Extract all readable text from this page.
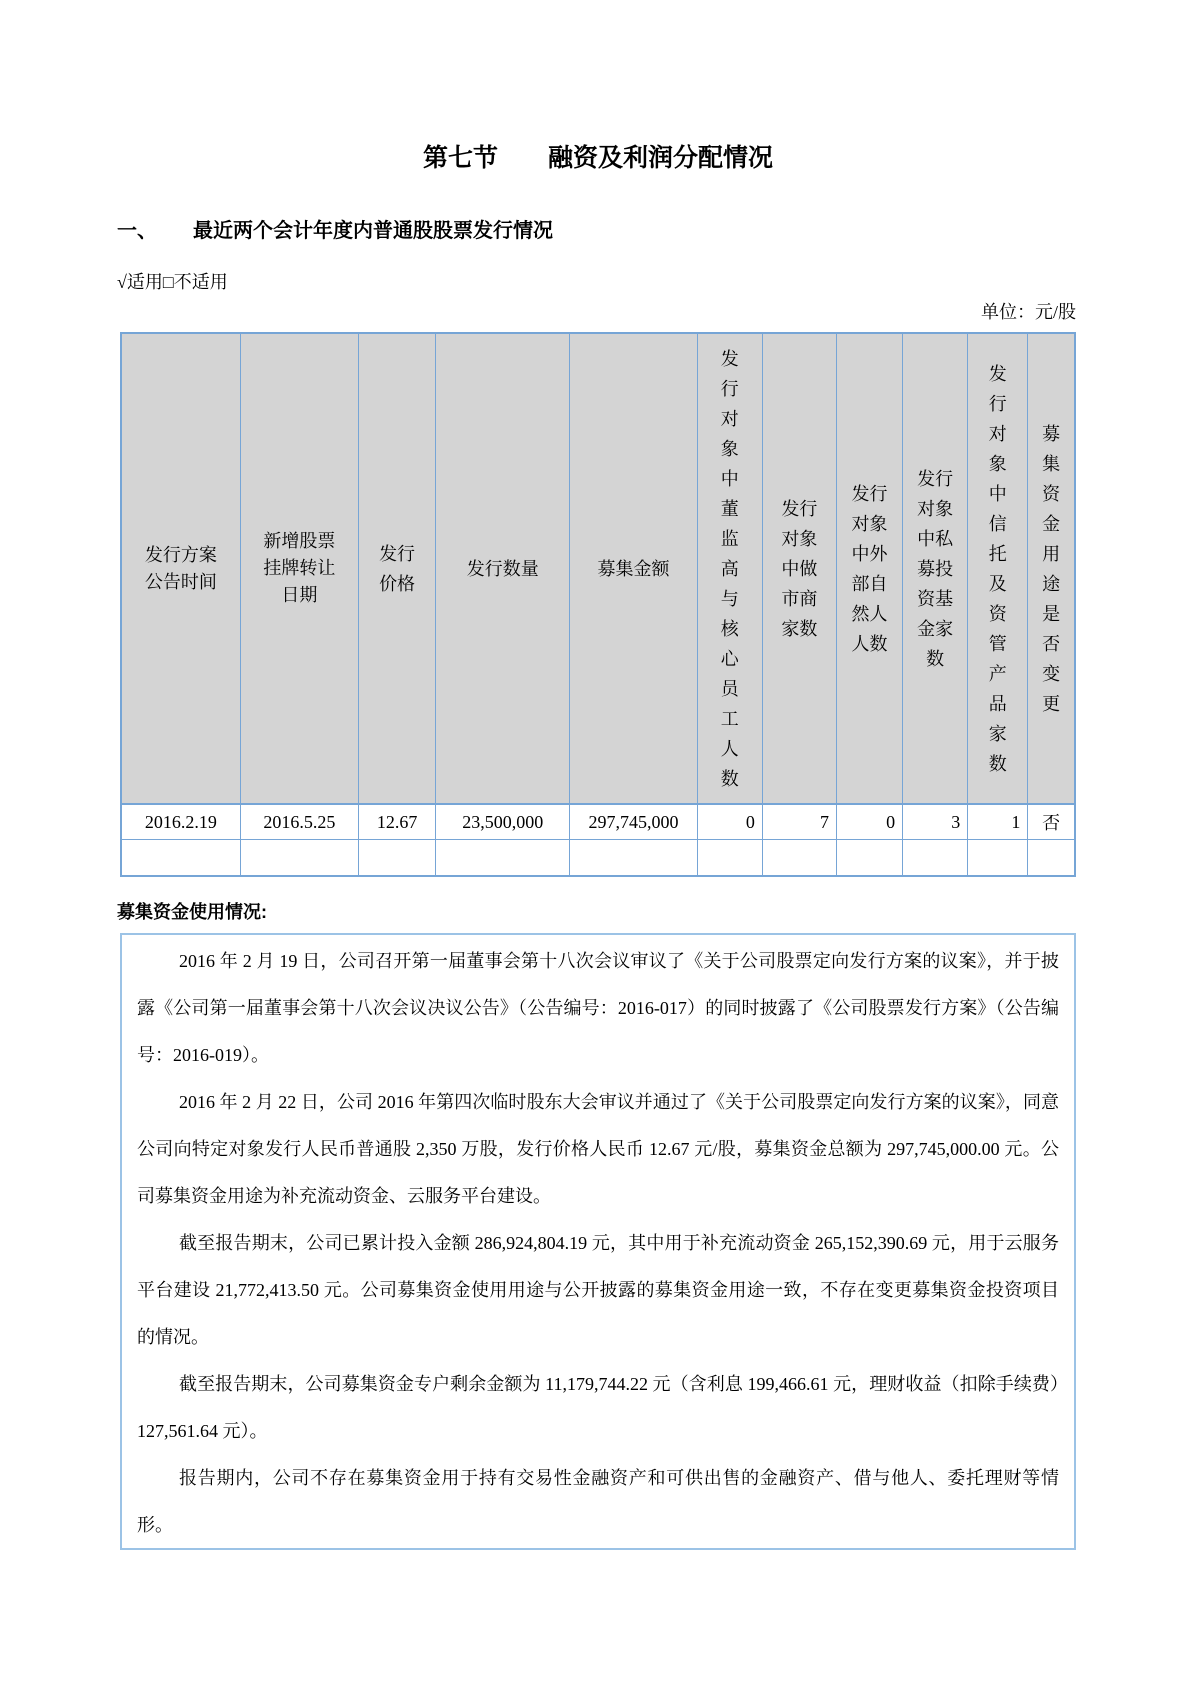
第七节　　融资及利润分配情况
一、 最近两个会计年度内普通股股票发行情况
√适用□不适用
单位：元/股
发行方案公告时间	新增股票挂牌转让日期	发行价格	发行数量	募集金额	发行对象中董监高与核心员工人数	发行对象中做市商家数	发行对象中外部自然人人数	发行对象中私募投资基金家数	发行对象中信托及资管产品家数	募集资金用途是否变更
2016.2.19	2016.5.25	12.67	23,500,000	297,745,000	0	7	0	3	1	否

募集资金使用情况:

2016 年 2 月 19 日，公司召开第一届董事会第十八次会议审议了《关于公司股票定向发行方案的议案》，并于披露《公司第一届董事会第十八次会议决议公告》（公告编号：2016-017）的同时披露了《公司股票发行方案》（公告编号：2016-019）。

2016 年 2 月 22 日，公司 2016 年第四次临时股东大会审议并通过了《关于公司股票定向发行方案的议案》，同意公司向特定对象发行人民币普通股 2,350 万股，发行价格人民币 12.67 元/股，募集资金总额为 297,745,000.00 元。公司募集资金用途为补充流动资金、云服务平台建设。

截至报告期末，公司已累计投入金额 286,924,804.19 元，其中用于补充流动资金 265,152,390.69 元，用于云服务平台建设 21,772,413.50 元。公司募集资金使用用途与公开披露的募集资金用途一致，不存在变更募集资金投资项目的情况。

截至报告期末，公司募集资金专户剩余金额为 11,179,744.22 元（含利息 199,466.61 元，理财收益（扣除手续费）127,561.64 元）。

报告期内，公司不存在募集资金用于持有交易性金融资产和可供出售的金融资产、借与他人、委托理财等情形。
